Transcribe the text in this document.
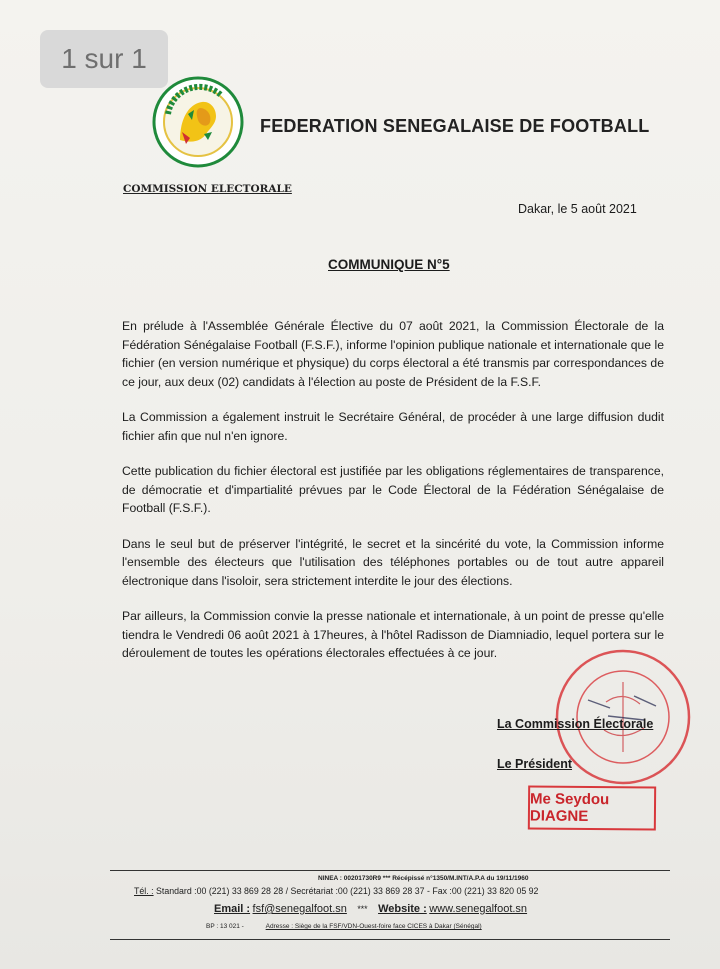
1 sur 1
FEDERATION SENEGALAISE DE FOOTBALL
COMMISSION ELECTORALE
Dakar, le 5 août 2021
COMMUNIQUE N°5

En prélude à l'Assemblée Générale Élective du 07 août 2021, la Commission Électorale de la Fédération Sénégalaise Football (F.S.F.), informe l'opinion publique nationale et internationale que le fichier (en version numérique et physique) du corps électoral a été transmis par correspondances de ce jour, aux deux (02) candidats à l'élection au poste de Président de la F.S.F.

La Commission a également instruit le Secrétaire Général, de procéder à une large diffusion dudit fichier afin que nul n'en ignore.

Cette publication du fichier électoral est justifiée par les obligations réglementaires de transparence, de démocratie et d'impartialité prévues par le Code Électoral de la Fédération Sénégalaise de Football (F.S.F.).

Dans le seul but de préserver l'intégrité, le secret et la sincérité du vote, la Commission informe l'ensemble des électeurs que l'utilisation des téléphones portables ou de tout autre appareil électronique dans l'isoloir, sera strictement interdite le jour des élections.

Par ailleurs, la Commission convie la presse nationale et internationale, à un point de presse qu'elle tiendra le Vendredi 06 août 2021 à 17heures, à l'hôtel Radisson de Diamniadio, lequel portera sur le déroulement de toutes les opérations électorales effectuées à ce jour.

La Commission Électorale
Le Président
Me Seydou DIAGNE
NINEA : 00201730R9 *** Récépissé n°1350/M.INT/A.P.A du 19/11/1960
Tél. : Standard :00 (221) 33 869 28 28 / Secrétariat :00 (221) 33 869 28 37 - Fax :00 (221) 33 820 05 92
Email : fsf@senegalfoot.sn *** Website : www.senegalfoot.sn
BP : 13 021 -	Adresse : Siège de la FSF/VDN-Ouest-foire face CICES à Dakar (Sénégal)
